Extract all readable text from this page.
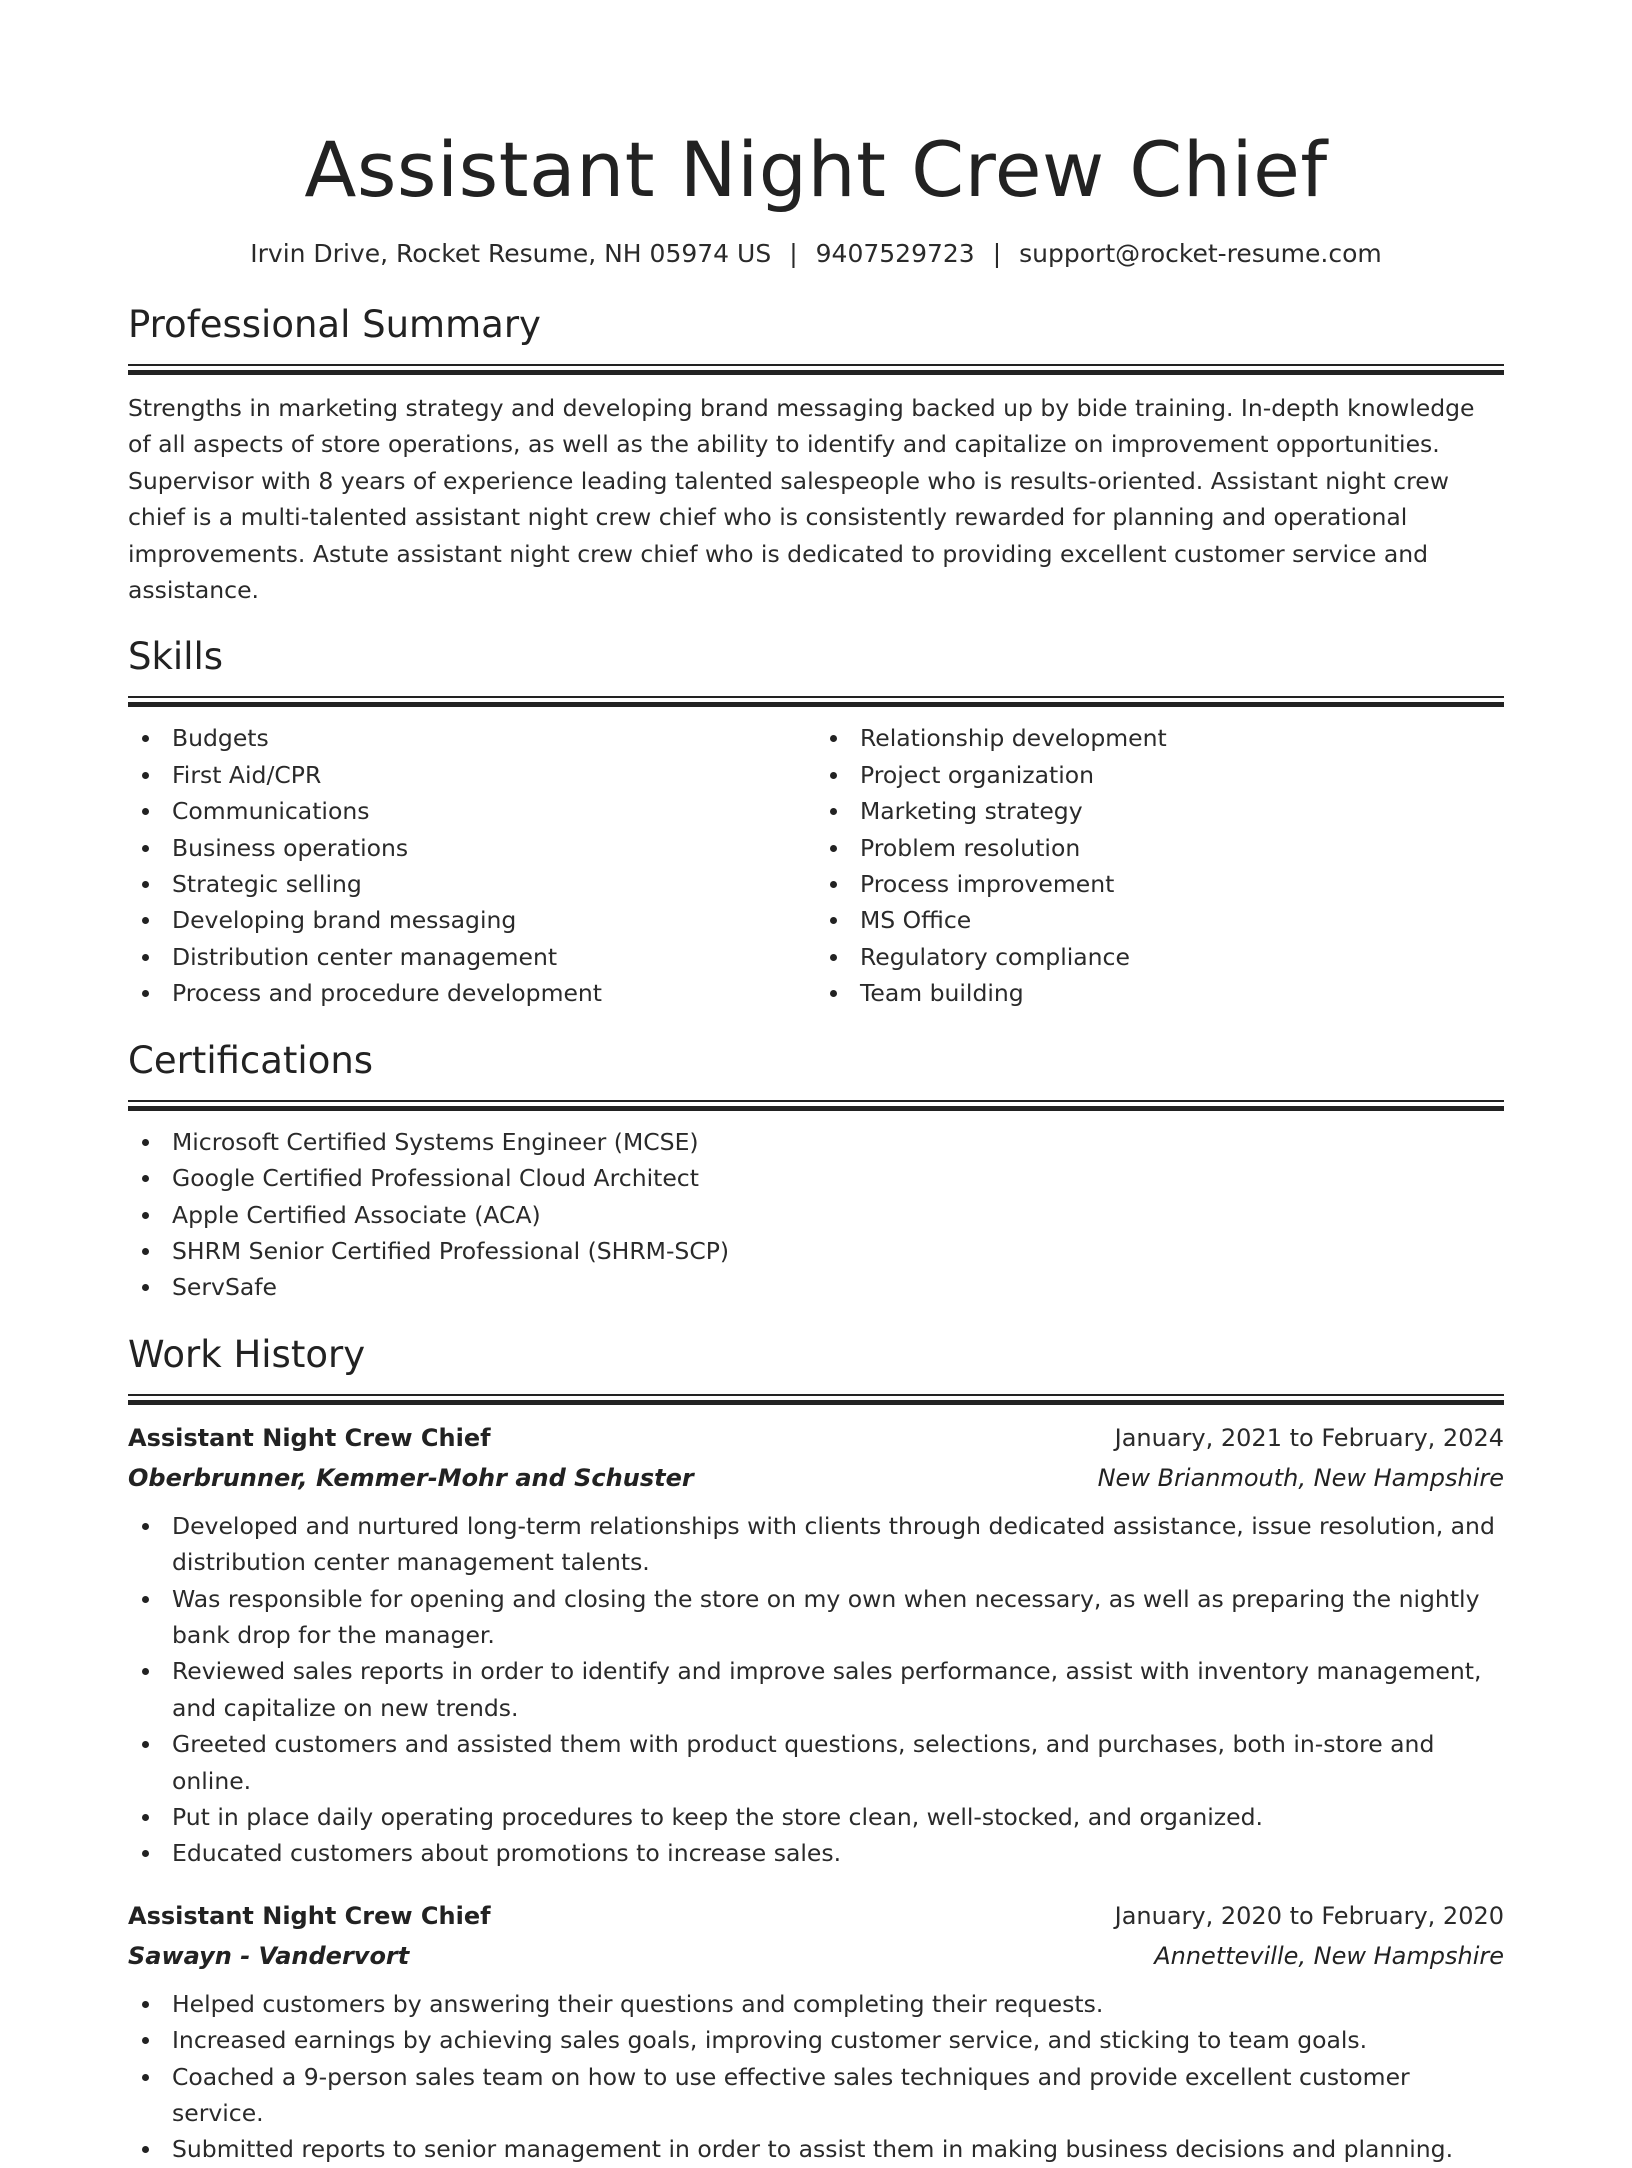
Assistant Night Crew Chief
Irvin Drive, Rocket Resume, NH 05974 US | 9407529723 | support@rocket-resume.com
Professional Summary

Strengths in marketing strategy and developing brand messaging backed up by bide training. In-depth knowledge of all aspects of store operations, as well as the ability to identify and capitalize on improvement opportunities. Supervisor with 8 years of experience leading talented salespeople who is results-oriented. Assistant night crew chief is a multi-talented assistant night crew chief who is consistently rewarded for planning and operational improvements. Astute assistant night crew chief who is dedicated to providing excellent customer service and assistance.

Skills
Budgets
First Aid/CPR
Communications
Business operations
Strategic selling
Developing brand messaging
Distribution center management
Process and procedure development
Relationship development
Project organization
Marketing strategy
Problem resolution
Process improvement
MS Office
Regulatory compliance
Team building
Certifications
Microsoft Certified Systems Engineer (MCSE)
Google Certified Professional Cloud Architect
Apple Certified Associate (ACA)
SHRM Senior Certified Professional (SHRM-SCP)
ServSafe
Work History
Assistant Night Crew Chief	January, 2021 to February, 2024
Oberbrunner, Kemmer-Mohr and Schuster	New Brianmouth, New Hampshire
Developed and nurtured long-term relationships with clients through dedicated assistance, issue resolution, and distribution center management talents.
Was responsible for opening and closing the store on my own when necessary, as well as preparing the nightly bank drop for the manager.
Reviewed sales reports in order to identify and improve sales performance, assist with inventory management, and capitalize on new trends.
Greeted customers and assisted them with product questions, selections, and purchases, both in-store and online.
Put in place daily operating procedures to keep the store clean, well-stocked, and organized.
Educated customers about promotions to increase sales.
Assistant Night Crew Chief	January, 2020 to February, 2020
Sawayn - Vandervort	Annetteville, New Hampshire
Helped customers by answering their questions and completing their requests.
Increased earnings by achieving sales goals, improving customer service, and sticking to team goals.
Coached a 9-person sales team on how to use effective sales techniques and provide excellent customer service.
Submitted reports to senior management in order to assist them in making business decisions and planning.
